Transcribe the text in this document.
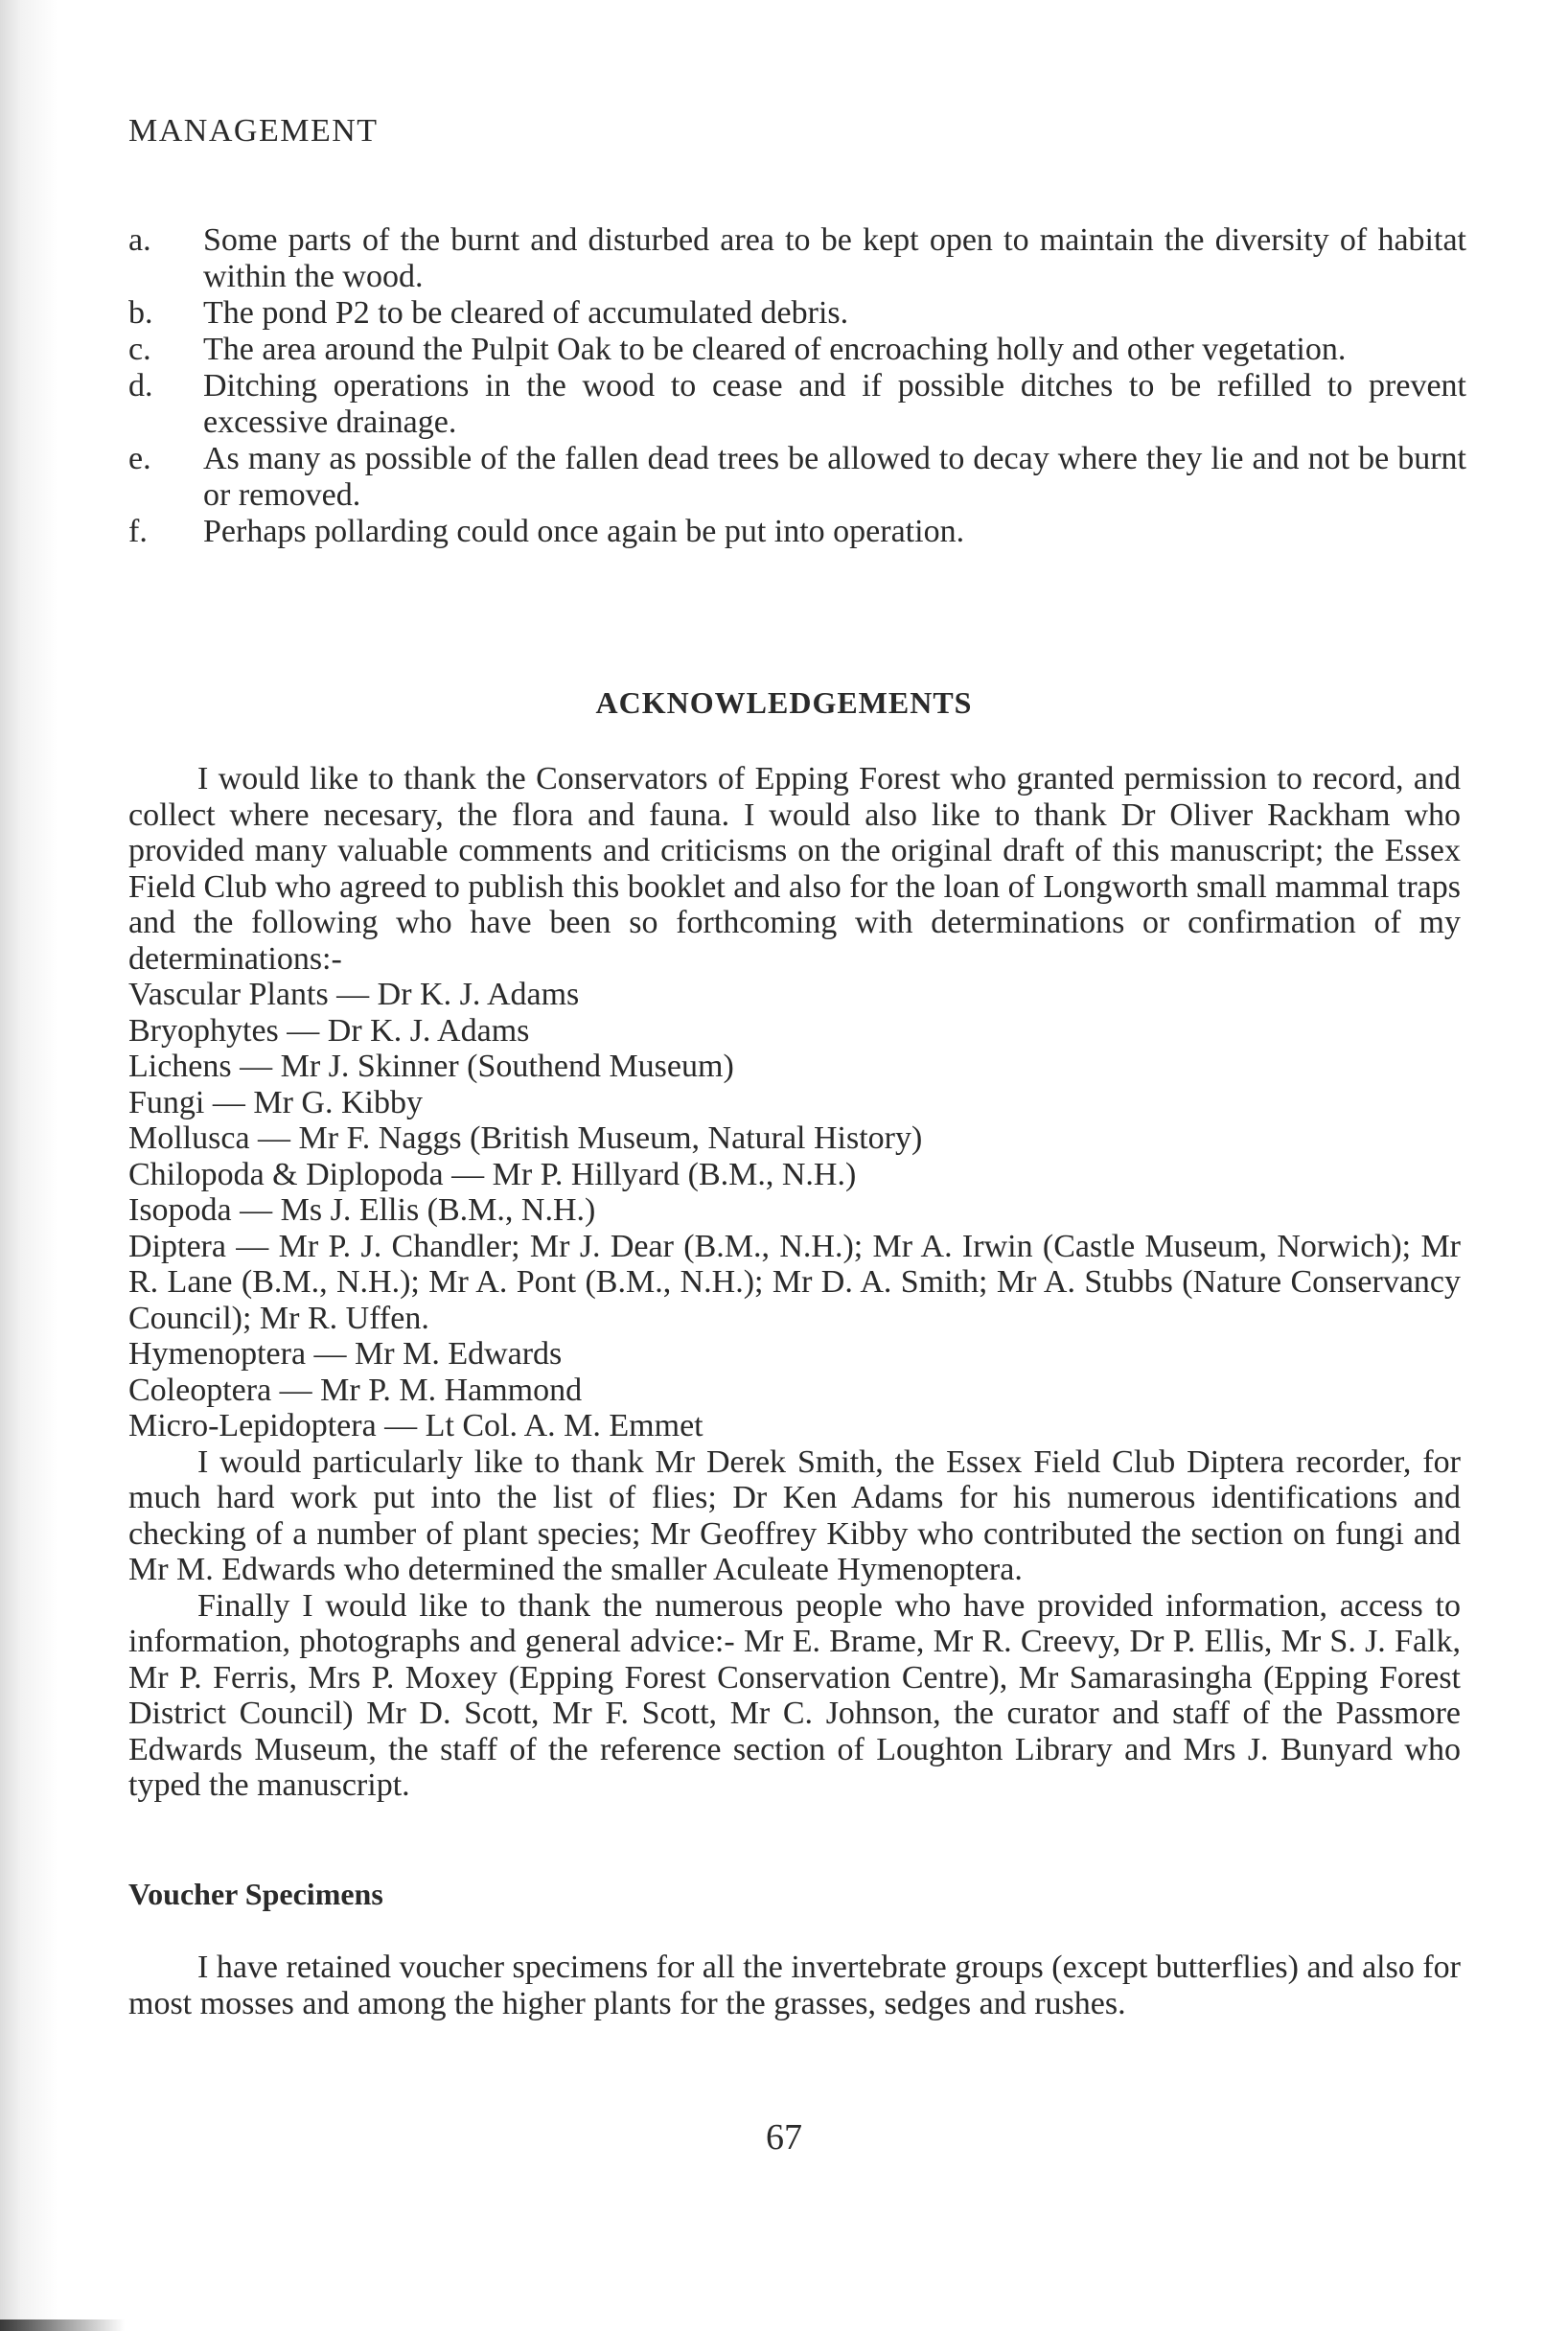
MANAGEMENT
a.	Some parts of the burnt and disturbed area to be kept open to maintain the diversity of habitat within the wood.
b.	The pond P2 to be cleared of accumulated debris.
c.	The area around the Pulpit Oak to be cleared of encroaching holly and other vegetation.
d.	Ditching operations in the wood to cease and if possible ditches to be refilled to prevent excessive drainage.
e.	As many as possible of the fallen dead trees be allowed to decay where they lie and not be burnt or removed.
f.	Perhaps pollarding could once again be put into operation.
ACKNOWLEDGEMENTS

I would like to thank the Conservators of Epping Forest who granted permission to record, and collect where necesary, the flora and fauna. I would also like to thank Dr Oliver Rackham who provided many valuable comments and criticisms on the original draft of this manuscript; the Essex Field Club who agreed to publish this booklet and also for the loan of Longworth small mammal traps and the following who have been so forthcoming with determinations or confirmation of my determinations:-

Vascular Plants — Dr K. J. Adams
Bryophytes — Dr K. J. Adams
Lichens — Mr J. Skinner (Southend Museum)
Fungi — Mr G. Kibby
Mollusca — Mr F. Naggs (British Museum, Natural History)
Chilopoda & Diplopoda — Mr P. Hillyard (B.M., N.H.)
Isopoda — Ms J. Ellis (B.M., N.H.)
Diptera — Mr P. J. Chandler; Mr J. Dear (B.M., N.H.); Mr A. Irwin (Castle Museum, Norwich); Mr R. Lane (B.M., N.H.); Mr A. Pont (B.M., N.H.); Mr D. A. Smith; Mr A. Stubbs (Nature Conservancy Council); Mr R. Uffen.
Hymenoptera — Mr M. Edwards
Coleoptera — Mr P. M. Hammond
Micro-Lepidoptera — Lt Col. A. M. Emmet

I would particularly like to thank Mr Derek Smith, the Essex Field Club Diptera recorder, for much hard work put into the list of flies; Dr Ken Adams for his numerous identifications and checking of a number of plant species; Mr Geoffrey Kibby who contributed the section on fungi and Mr M. Edwards who determined the smaller Aculeate Hymenoptera.

Finally I would like to thank the numerous people who have provided information, access to information, photographs and general advice:- Mr E. Brame, Mr R. Creevy, Dr P. Ellis, Mr S. J. Falk, Mr P. Ferris, Mrs P. Moxey (Epping Forest Conservation Centre), Mr Samarasingha (Epping Forest District Council) Mr D. Scott, Mr F. Scott, Mr C. Johnson, the curator and staff of the Passmore Edwards Museum, the staff of the reference section of Loughton Library and Mrs J. Bunyard who typed the manuscript.

Voucher Specimens

I have retained voucher specimens for all the invertebrate groups (except butterflies) and also for most mosses and among the higher plants for the grasses, sedges and rushes.

67
